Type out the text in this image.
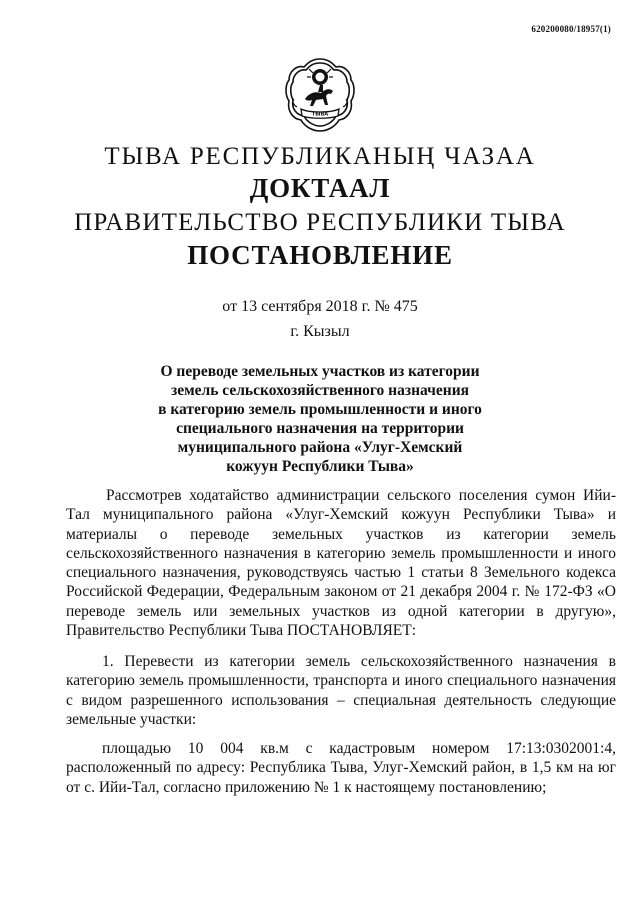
620200080/18957(1)
ТЫВА
ТЫВА РЕСПУБЛИКАНЫҢ ЧАЗАА
ДОКТААЛ
ПРАВИТЕЛЬСТВО РЕСПУБЛИКИ ТЫВА
ПОСТАНОВЛЕНИЕ
от 13 сентября 2018 г. № 475
г. Кызыл
О переводе земельных участков из категории
земель сельскохозяйственного назначения
в категорию земель промышленности и иного
специального назначения на территории
муниципального района «Улуг-Хемский
кожуун Республики Тыва»
Рассмотрев ходатайство администрации сельского поселения сумон Ийи-Тал муниципального района «Улуг-Хемский кожуун Республики Тыва» и материалы о переводе земельных участков из категории земель сельскохозяйственного назначения в категорию земель промышленности и иного специального назначения, руководствуясь частью 1 статьи 8 Земельного кодекса Российской Федерации, Федеральным законом от 21 декабря 2004 г. № 172-ФЗ «О переводе земель или земельных участков из одной категории в другую», Правительство Республики Тыва ПОСТАНОВЛЯЕТ:
1. Перевести из категории земель сельскохозяйственного назначения в категорию земель промышленности, транспорта и иного специального назначения с видом разрешенного использования – специальная деятельность следующие земельные участки:
площадью 10 004 кв.м с кадастровым номером 17:13:0302001:4, расположенный по адресу: Республика Тыва, Улуг-Хемский район, в 1,5 км на юг от с. Ийи-Тал, согласно приложению № 1 к настоящему постановлению;
